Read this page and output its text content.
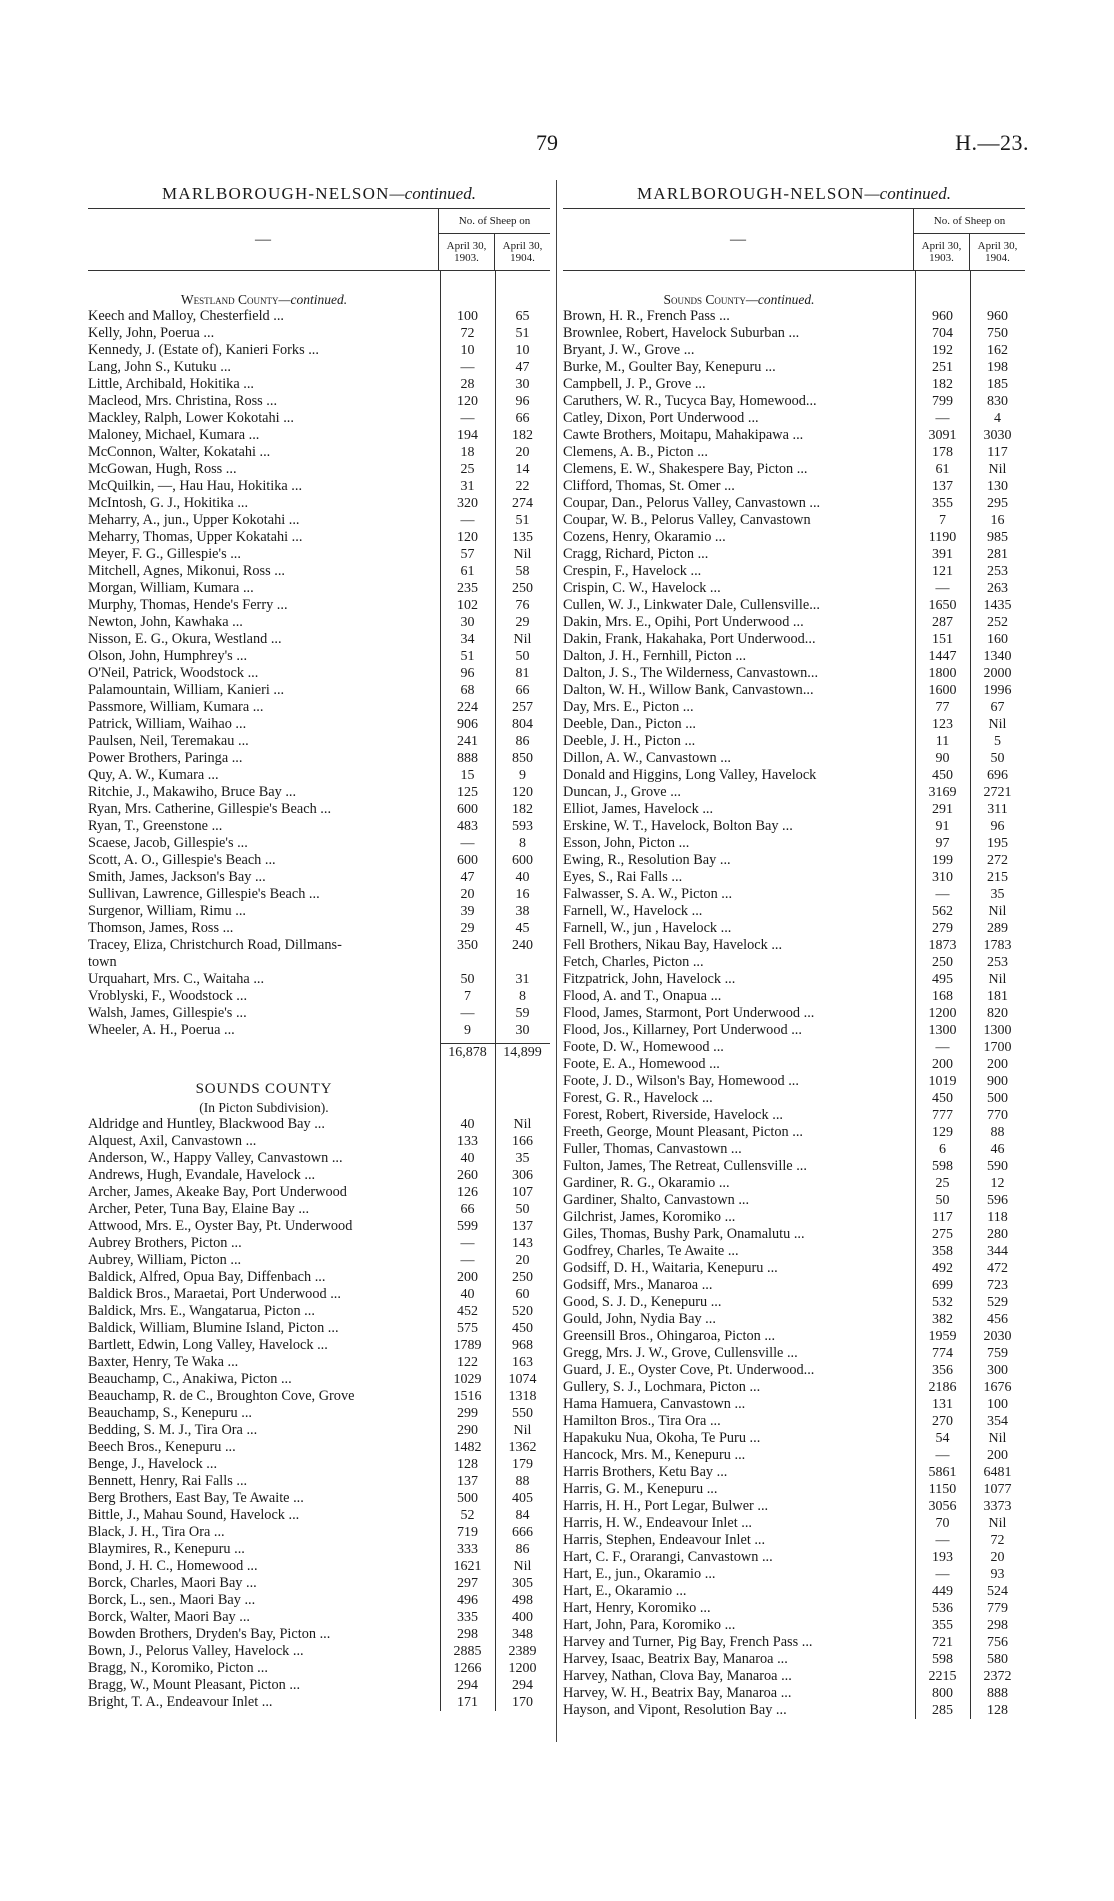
79	H.—23.
MARLBOROUGH-NELSON—continued.
—	No. of Sheep on	
	April 30, 1903.	April 30, 1904.
Westland County—continued.
Keech and Malloy, Chesterfield ...	100	65
Kelly, John, Poerua ...	72	51
Kennedy, J. (Estate of), Kanieri Forks ...	10	10
Lang, John S., Kutuku ...	—	47
Little, Archibald, Hokitika ...	28	30
Macleod, Mrs. Christina, Ross ...	120	96
Mackley, Ralph, Lower Kokotahi ...	—	66
Maloney, Michael, Kumara ...	194	182
McConnon, Walter, Kokatahi ...	18	20
McGowan, Hugh, Ross ...	25	14
McQuilkin, —, Hau Hau, Hokitika ...	31	22
McIntosh, G. J., Hokitika ...	320	274
Meharry, A., jun., Upper Kokotahi ...	—	51
Meharry, Thomas, Upper Kokatahi ...	120	135
Meyer, F. G., Gillespie's ...	57	Nil
Mitchell, Agnes, Mikonui, Ross ...	61	58
Morgan, William, Kumara ...	235	250
Murphy, Thomas, Hende's Ferry ...	102	76
Newton, John, Kawhaka ...	30	29
Nisson, E. G., Okura, Westland ...	34	Nil
Olson, John, Humphrey's ...	51	50
O'Neil, Patrick, Woodstock ...	96	81
Palamountain, William, Kanieri ...	68	66
Passmore, William, Kumara ...	224	257
Patrick, William, Waihao ...	906	804
Paulsen, Neil, Teremakau ...	241	86
Power Brothers, Paringa ...	888	850
Quy, A. W., Kumara ...	15	9
Ritchie, J., Makawiho, Bruce Bay ...	125	120
Ryan, Mrs. Catherine, Gillespie's Beach ...	600	182
Ryan, T., Greenstone ...	483	593
Scaese, Jacob, Gillespie's ...	—	8
Scott, A. O., Gillespie's Beach ...	600	600
Smith, James, Jackson's Bay ...	47	40
Sullivan, Lawrence, Gillespie's Beach ...	20	16
Surgenor, William, Rimu ...	39	38
Thomson, James, Ross ...	29	45
Tracey, Eliza, Christchurch Road, Dillmans-	350	240
town
Urquahart, Mrs. C., Waitaha ...	50	31
Vroblyski, F., Woodstock ...	7	8
Walsh, James, Gillespie's ...	—	59
Wheeler, A. H., Poerua ...	9	30
16,878	14,899
SOUNDS COUNTY
(In Picton Subdivision).
Aldridge and Huntley, Blackwood Bay ...	40	Nil
Alquest, Axil, Canvastown ...	133	166
Anderson, W., Happy Valley, Canvastown ...	40	35
Andrews, Hugh, Evandale, Havelock ...	260	306
Archer, James, Akeake Bay, Port Underwood	126	107
Archer, Peter, Tuna Bay, Elaine Bay ...	66	50
Attwood, Mrs. E., Oyster Bay, Pt. Underwood	599	137
Aubrey Brothers, Picton ...	—	143
Aubrey, William, Picton ...	—	20
Baldick, Alfred, Opua Bay, Diffenbach ...	200	250
Baldick Bros., Maraetai, Port Underwood ...	40	60
Baldick, Mrs. E., Wangatarua, Picton ...	452	520
Baldick, William, Blumine Island, Picton ...	575	450
Bartlett, Edwin, Long Valley, Havelock ...	1789	968
Baxter, Henry, Te Waka ...	122	163
Beauchamp, C., Anakiwa, Picton ...	1029	1074
Beauchamp, R. de C., Broughton Cove, Grove	1516	1318
Beauchamp, S., Kenepuru ...	299	550
Bedding, S. M. J., Tira Ora ...	290	Nil
Beech Bros., Kenepuru ...	1482	1362
Benge, J., Havelock ...	128	179
Bennett, Henry, Rai Falls ...	137	88
Berg Brothers, East Bay, Te Awaite ...	500	405
Bittle, J., Mahau Sound, Havelock ...	52	84
Black, J. H., Tira Ora ...	719	666
Blaymires, R., Kenepuru ...	333	86
Bond, J. H. C., Homewood ...	1621	Nil
Borck, Charles, Maori Bay ...	297	305
Borck, L., sen., Maori Bay ...	496	498
Borck, Walter, Maori Bay ...	335	400
Bowden Brothers, Dryden's Bay, Picton ...	298	348
Bown, J., Pelorus Valley, Havelock ...	2885	2389
Bragg, N., Koromiko, Picton ...	1266	1200
Bragg, W., Mount Pleasant, Picton ...	294	294
Bright, T. A., Endeavour Inlet ...	171	170
MARLBOROUGH-NELSON—continued.
—	No. of Sheep on	
	April 30, 1903.	April 30, 1904.
Sounds County—continued.
Brown, H. R., French Pass ...	960	960
Brownlee, Robert, Havelock Suburban ...	704	750
Bryant, J. W., Grove ...	192	162
Burke, M., Goulter Bay, Kenepuru ...	251	198
Campbell, J. P., Grove ...	182	185
Caruthers, W. R., Tucyca Bay, Homewood...	799	830
Catley, Dixon, Port Underwood ...	—	4
Cawte Brothers, Moitapu, Mahakipawa ...	3091	3030
Clemens, A. B., Picton ...	178	117
Clemens, E. W., Shakespere Bay, Picton ...	61	Nil
Clifford, Thomas, St. Omer ...	137	130
Coupar, Dan., Pelorus Valley, Canvastown ...	355	295
Coupar, W. B., Pelorus Valley, Canvastown	7	16
Cozens, Henry, Okaramio ...	1190	985
Cragg, Richard, Picton ...	391	281
Crespin, F., Havelock ...	121	253
Crispin, C. W., Havelock ...	—	263
Cullen, W. J., Linkwater Dale, Cullensville...	1650	1435
Dakin, Mrs. E., Opihi, Port Underwood ...	287	252
Dakin, Frank, Hakahaka, Port Underwood...	151	160
Dalton, J. H., Fernhill, Picton ...	1447	1340
Dalton, J. S., The Wilderness, Canvastown...	1800	2000
Dalton, W. H., Willow Bank, Canvastown...	1600	1996
Day, Mrs. E., Picton ...	77	67
Deeble, Dan., Picton ...	123	Nil
Deeble, J. H., Picton ...	11	5
Dillon, A. W., Canvastown ...	90	50
Donald and Higgins, Long Valley, Havelock	450	696
Duncan, J., Grove ...	3169	2721
Elliot, James, Havelock ...	291	311
Erskine, W. T., Havelock, Bolton Bay ...	91	96
Esson, John, Picton ...	97	195
Ewing, R., Resolution Bay ...	199	272
Eyes, S., Rai Falls ...	310	215
Falwasser, S. A. W., Picton ...	—	35
Farnell, W., Havelock ...	562	Nil
Farnell, W., jun , Havelock ...	279	289
Fell Brothers, Nikau Bay, Havelock ...	1873	1783
Fetch, Charles, Picton ...	250	253
Fitzpatrick, John, Havelock ...	495	Nil
Flood, A. and T., Onapua ...	168	181
Flood, James, Starmont, Port Underwood ...	1200	820
Flood, Jos., Killarney, Port Underwood ...	1300	1300
Foote, D. W., Homewood ...	—	1700
Foote, E. A., Homewood ...	200	200
Foote, J. D., Wilson's Bay, Homewood ...	1019	900
Forest, G. R., Havelock ...	450	500
Forest, Robert, Riverside, Havelock ...	777	770
Freeth, George, Mount Pleasant, Picton ...	129	88
Fuller, Thomas, Canvastown ...	6	46
Fulton, James, The Retreat, Cullensville ...	598	590
Gardiner, R. G., Okaramio ...	25	12
Gardiner, Shalto, Canvastown ...	50	596
Gilchrist, James, Koromiko ...	117	118
Giles, Thomas, Bushy Park, Onamalutu ...	275	280
Godfrey, Charles, Te Awaite ...	358	344
Godsiff, D. H., Waitaria, Kenepuru ...	492	472
Godsiff, Mrs., Manaroa ...	699	723
Good, S. J. D., Kenepuru ...	532	529
Gould, John, Nydia Bay ...	382	456
Greensill Bros., Ohingaroa, Picton ...	1959	2030
Gregg, Mrs. J. W., Grove, Cullensville ...	774	759
Guard, J. E., Oyster Cove, Pt. Underwood...	356	300
Gullery, S. J., Lochmara, Picton ...	2186	1676
Hama Hamuera, Canvastown ...	131	100
Hamilton Bros., Tira Ora ...	270	354
Hapakuku Nua, Okoha, Te Puru ...	54	Nil
Hancock, Mrs. M., Kenepuru ...	—	200
Harris Brothers, Ketu Bay ...	5861	6481
Harris, G. M., Kenepuru ...	1150	1077
Harris, H. H., Port Legar, Bulwer ...	3056	3373
Harris, H. W., Endeavour Inlet ...	70	Nil
Harris, Stephen, Endeavour Inlet ...	—	72
Hart, C. F., Orarangi, Canvastown ...	193	20
Hart, E., jun., Okaramio ...	—	93
Hart, E., Okaramio ...	449	524
Hart, Henry, Koromiko ...	536	779
Hart, John, Para, Koromiko ...	355	298
Harvey and Turner, Pig Bay, French Pass ...	721	756
Harvey, Isaac, Beatrix Bay, Manaroa ...	598	580
Harvey, Nathan, Clova Bay, Manaroa ...	2215	2372
Harvey, W. H., Beatrix Bay, Manaroa ...	800	888
Hayson, and Vipont, Resolution Bay ...	285	128
